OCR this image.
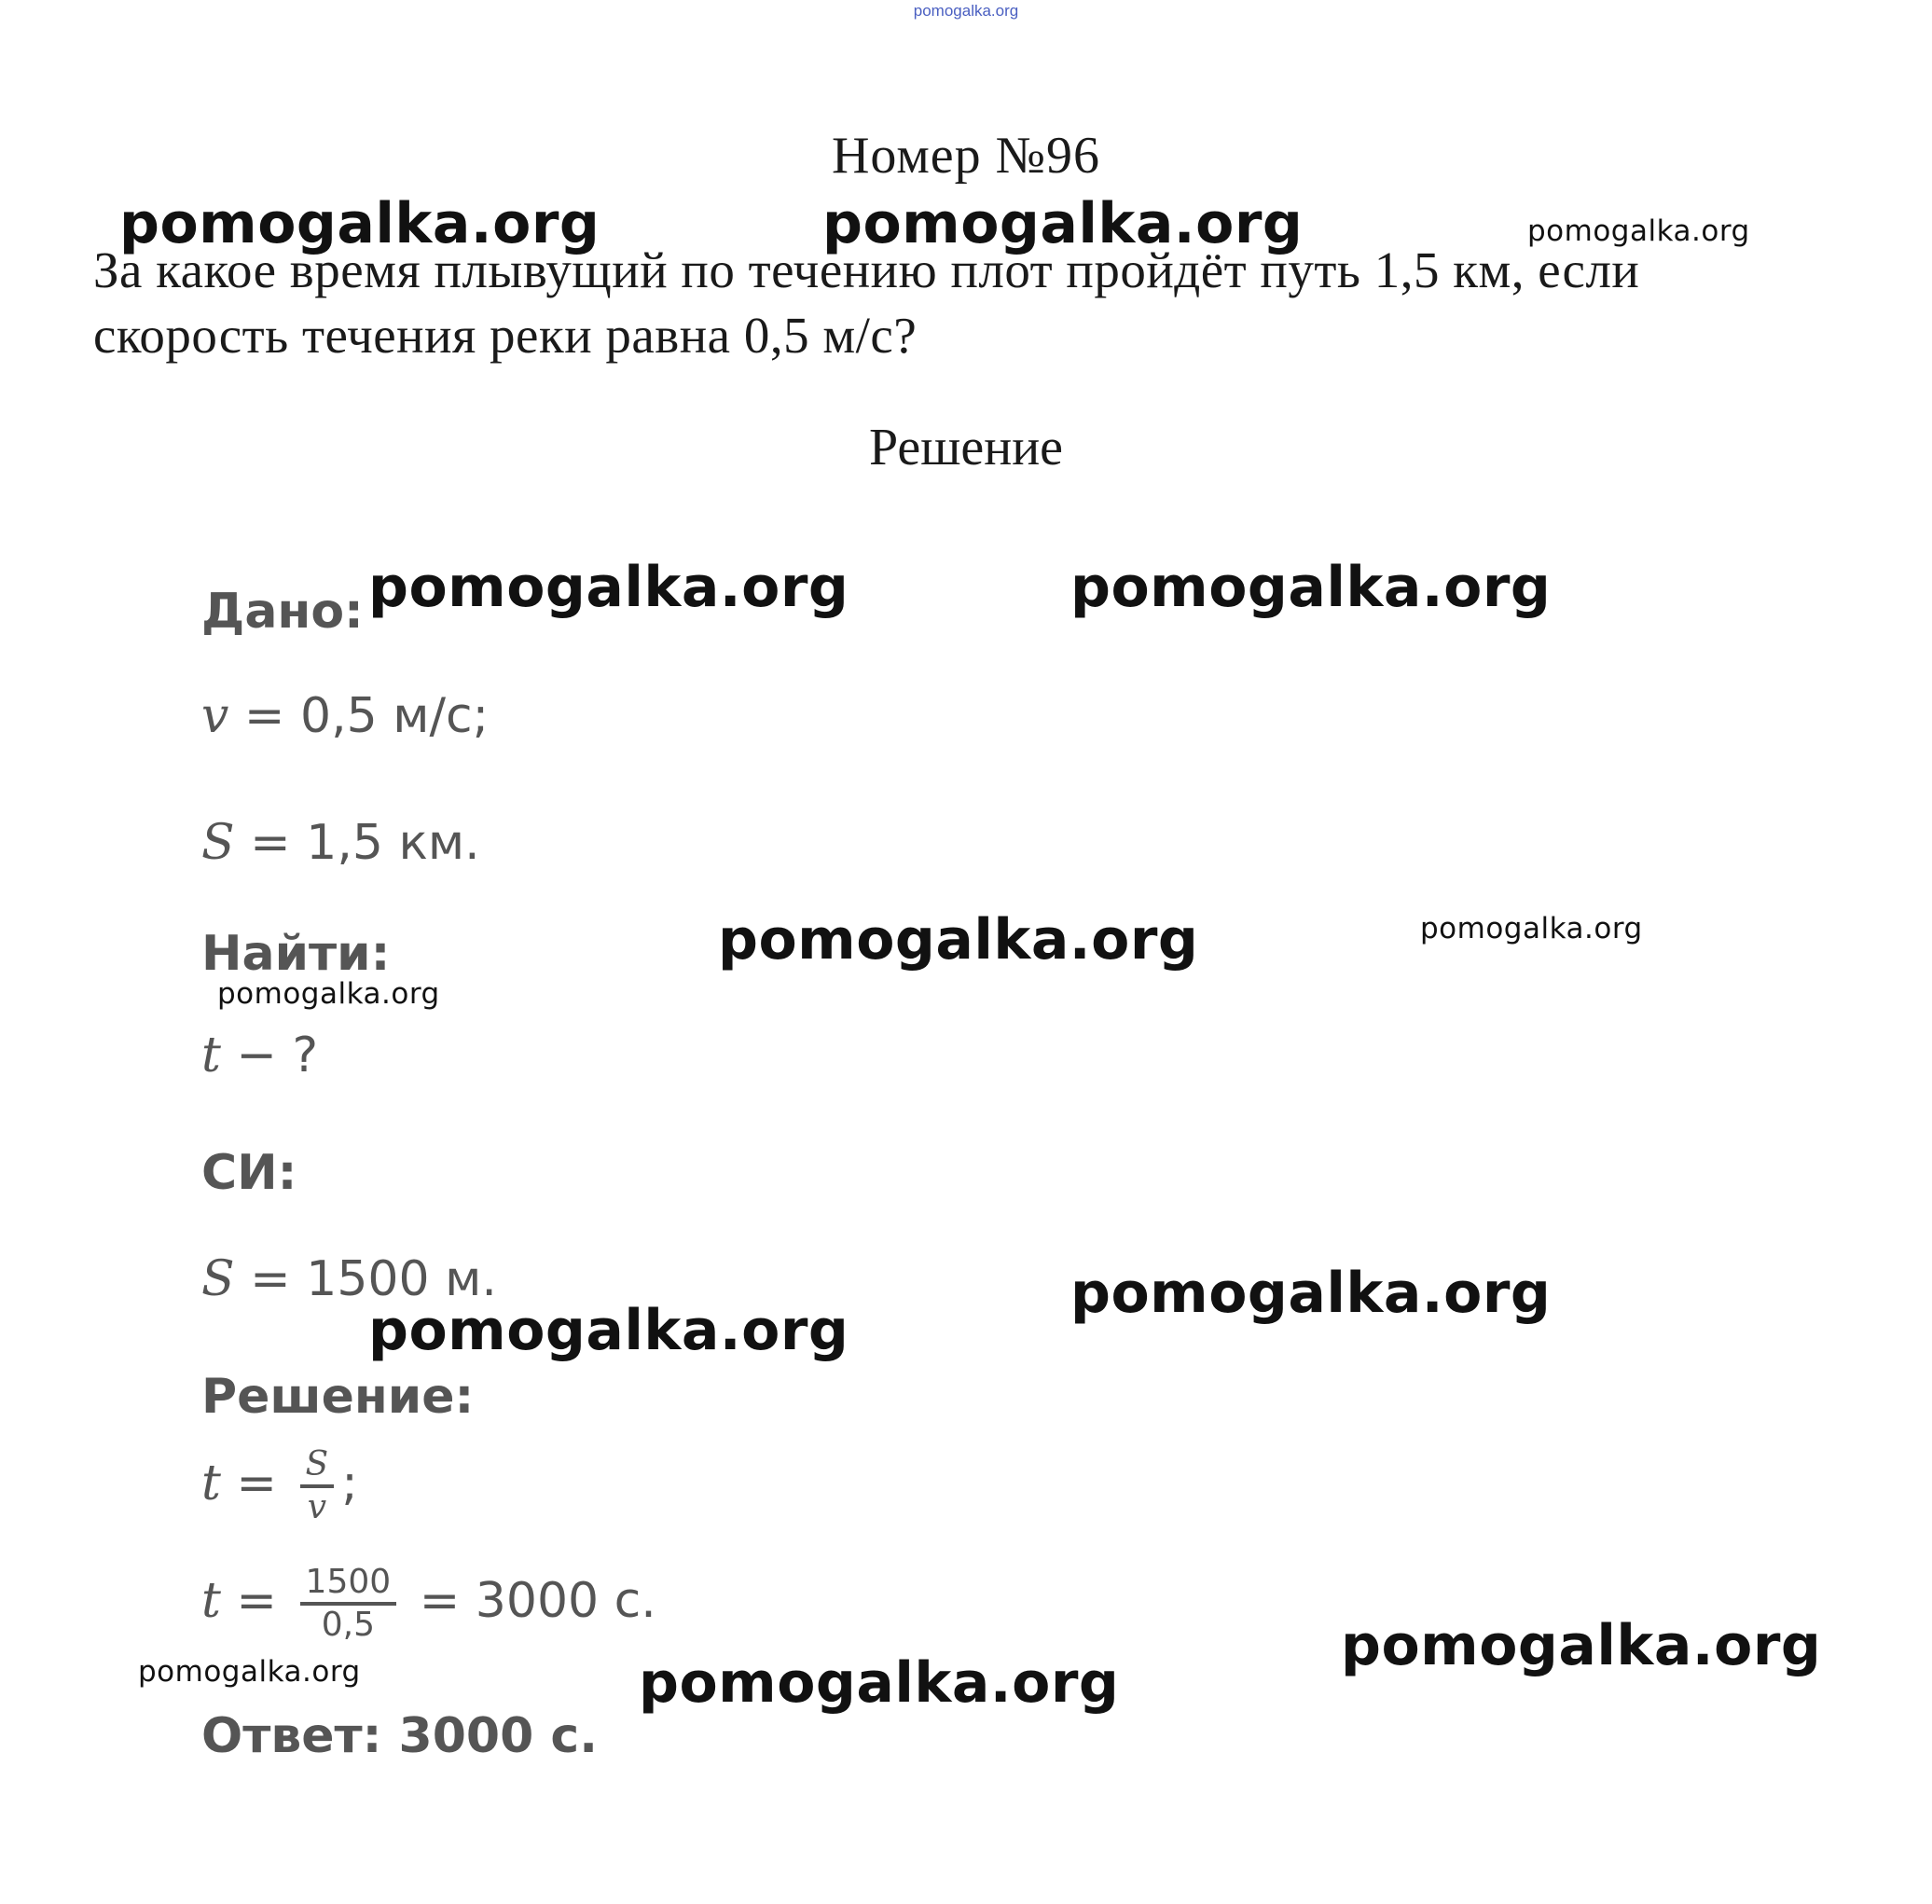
pomogalka.org
Номер №96
За какое время плывущий по течению плот пройдёт путь 1,5 км, если
скорость течения реки равна 0,5 м/с?
Решение
Дано:
v = 0,5 м/с;
S = 1,5 км.
Найти:
t − ?
СИ:
S = 1500 м.
Решение:
$t = \frac{S}{v}$ ;
$t = \frac{1500}{0,5} = 3000$ с.
Ответ: 3000 с.
pomogalka.org	pomogalka.org	pomogalka.org
pomogalka.org	pomogalka.org
pomogalka.org	pomogalka.org
pomogalka.org
pomogalka.org
pomogalka.org
pomogalka.org
pomogalka.org	pomogalka.org
